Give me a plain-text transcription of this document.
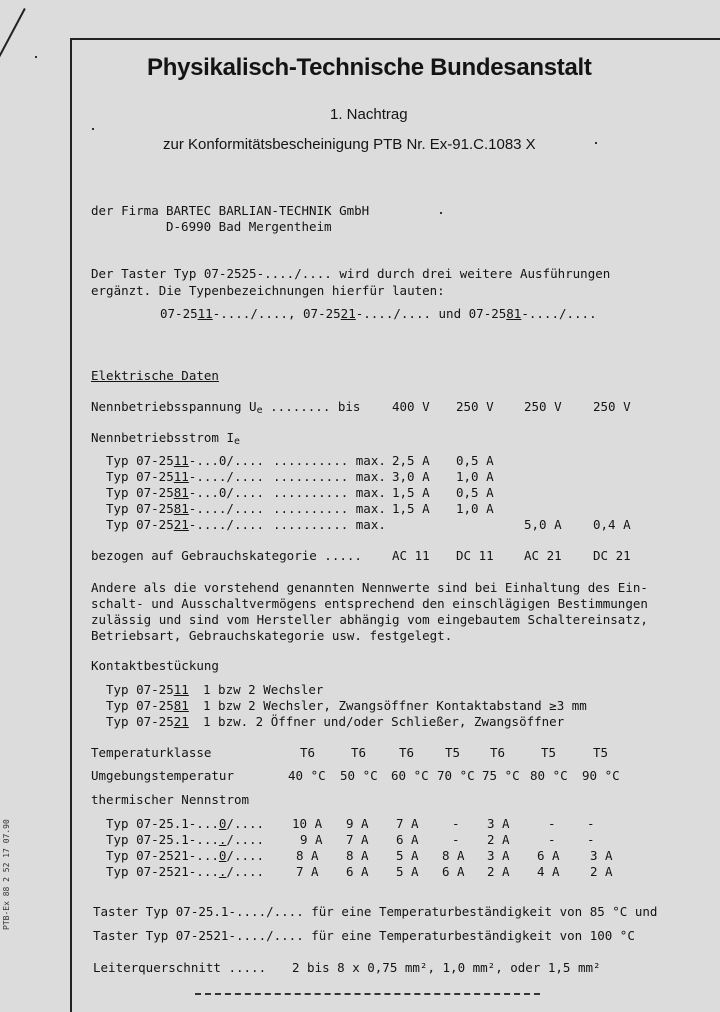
Physikalisch-Technische Bundesanstalt
1. Nachtrag
zur Konformitätsbescheinigung PTB Nr. Ex-91.C.1083 X
der Firma BARTEC BARLIAN-TECHNIK GmbH
D-6990 Bad Mergentheim
Der Taster Typ 07-2525-..../.... wird durch drei weitere Ausführungen
ergänzt. Die Typenbezeichnungen hierfür lauten:
07-2511-..../...., 07-2521-..../.... und 07-2581-..../....
Elektrische Daten
Nennbetriebsspannung $U_e$ ........ bis	400 V 250 V 250 V	250 V
Nennbetriebsstrom $I_e$
Typ 07-2511-...0/.... .......... max. 2,5 A 0,5 A
Typ 07-2511-..../.... .......... max. 3,0 A 1,0 A
Typ 07-2581-...0/.... .......... max. 1,5 A 0,5 A
Typ 07-2581-..../.... .......... max. 1,5 A 1,0 A
Typ 07-2521-..../.... .......... max.	5,0 A	0,4 A
bezogen auf Gebrauchskategorie ..... AC 11 DC 11 AC 21	DC 21
Andere als die vorstehend genannten Nennwerte sind bei Einhaltung des Ein-
schalt- und Ausschaltvermögens entsprechend den einschlägigen Bestimmungen
zulässig und sind vom Hersteller abhängig vom eingebautem Schaltereinsatz,
Betriebsart, Gebrauchskategorie usw. festgelegt.
Kontaktbestückung
Typ 07-2511 1 bzw 2 Wechsler
Typ 07-2581 1 bzw 2 Wechsler, Zwangsöffner Kontaktabstand ≥3 mm
Typ 07-2521 1 bzw. 2 Öffner und/oder Schließer, Zwangsöffner
Temperaturklasse	T6	T6	T6 T5 T6	T5	T5
Umgebungstemperatur	40 °C 50 °C 60 °C 70 °C 75 °C 80 °C 90 °C
thermischer Nennstrom
Typ 07-25.1-...0/.... 10 A 9 A 7 A	- 3 A	-	-
Typ 07-25.1-..../....	9 A 7 A 6 A	- 2 A	-	-
Typ 07-2521-...0/....	8 A 8 A 5 A 8 A 3 A 6 A 3 A
Typ 07-2521-..../....	7 A 6 A 5 A 6 A 2 A 4 A 2 A
Taster Typ 07-25.1-..../.... für eine Temperaturbeständigkeit von 85 °C und
Taster Typ 07-2521-..../.... für eine Temperaturbeständigkeit von 100 °C
Leiterquerschnitt ..... 2 bis 8 x 0,75 mm², 1,0 mm², oder 1,5 mm²
PTB-Ex 88 2 52 17 07.90
